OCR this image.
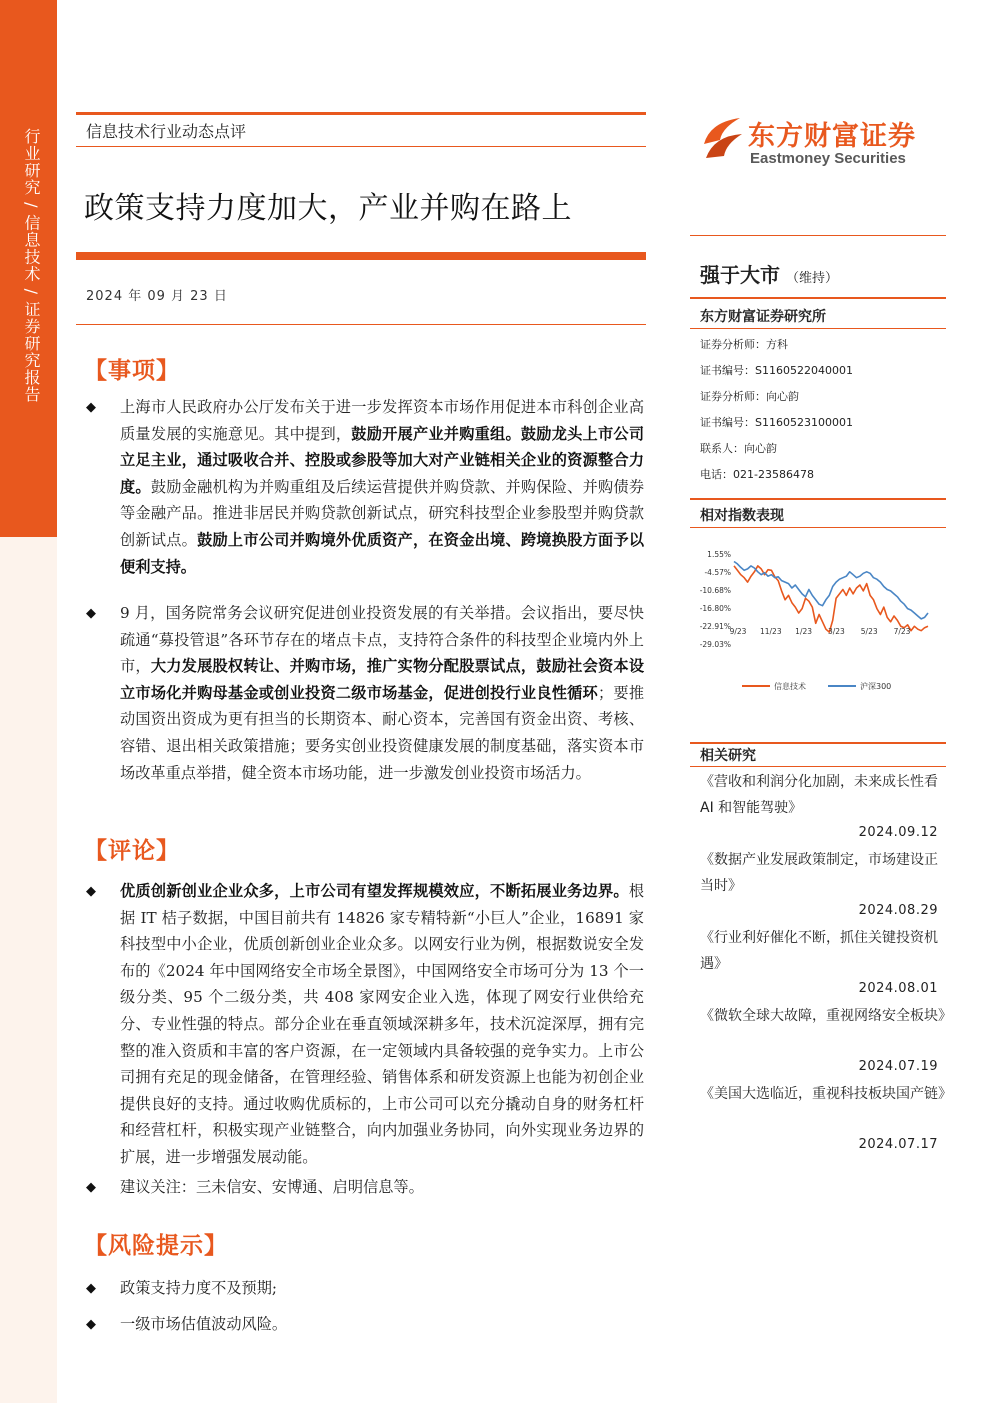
行业研究 / 信息技术 / 证券研究报告	信息技术行业动态点评
政策支持力度加大，产业并购在路上
2024 年 09 月 23 日
【事项】
◆ 上海市人民政府办公厅发布关于进一步发挥资本市场作用促进本市科创企业高质量发展的实施意见。其中提到，鼓励开展产业并购重组。鼓励龙头上市公司立足主业，通过吸收合并、控股或参股等加大对产业链相关企业的资源整合力度。鼓励金融机构为并购重组及后续运营提供并购贷款、并购保险、并购债券等金融产品。推进非居民并购贷款创新试点，研究科技型企业参股型并购贷款创新试点。鼓励上市公司并购境外优质资产，在资金出境、跨境换股方面予以便利支持。
◆ 9 月，国务院常务会议研究促进创业投资发展的有关举措。会议指出，要尽快疏通“募投管退”各环节存在的堵点卡点，支持符合条件的科技型企业境内外上市，大力发展股权转让、并购市场，推广实物分配股票试点，鼓励社会资本设立市场化并购母基金或创业投资二级市场基金，促进创投行业良性循环；要推动国资出资成为更有担当的长期资本、耐心资本，完善国有资金出资、考核、容错、退出相关政策措施；要务实创业投资健康发展的制度基础，落实资本市场改革重点举措，健全资本市场功能，进一步激发创业投资市场活力。
【评论】
◆ 优质创新创业企业众多，上市公司有望发挥规模效应，不断拓展业务边界。根据 IT 桔子数据，中国目前共有 14826 家专精特新“小巨人”企业，16891 家科技型中小企业，优质创新创业企业众多。以网安行业为例，根据数说安全发布的《2024 年中国网络安全市场全景图》，中国网络安全市场可分为 13 个一级分类、95 个二级分类，共 408 家网安企业入选，体现了网安行业供给充分、专业性强的特点。部分企业在垂直领域深耕多年，技术沉淀深厚，拥有完整的准入资质和丰富的客户资源，在一定领域内具备较强的竞争实力。上市公司拥有充足的现金储备，在管理经验、销售体系和研发资源上也能为初创企业提供良好的支持。通过收购优质标的，上市公司可以充分撬动自身的财务杠杆和经营杠杆，积极实现产业链整合，向内加强业务协同，向外实现业务边界的扩展，进一步增强发展动能。
◆ 建议关注：三未信安、安博通、启明信息等。
【风险提示】
◆ 政策支持力度不及预期;
◆ 一级市场估值波动风险。
东方财富证券
Eastmoney Securities
强于大市 （维持）
东方财富证券研究所
证券分析师：方科
证书编号：S1160522040001
证券分析师：向心韵
证书编号：S1160523100001
联系人：向心韵
电话：021-23586478
相对指数表现
1.55%
-4.57%
-10.68%
-16.80%
-22.91%
-29.03%
9/23 11/23 1/23 3/23 5/23 7/23
信息技术	沪深300
相关研究
《营收和利润分化加剧，未来成长性看 AI 和智能驾驶》
2024.09.12
《数据产业发展政策制定，市场建设正当时》
2024.08.29
《行业利好催化不断，抓住关键投资机遇》
2024.08.01
《微软全球大故障，重视网络安全板块》
2024.07.19
《美国大选临近，重视科技板块国产链》
2024.07.17
